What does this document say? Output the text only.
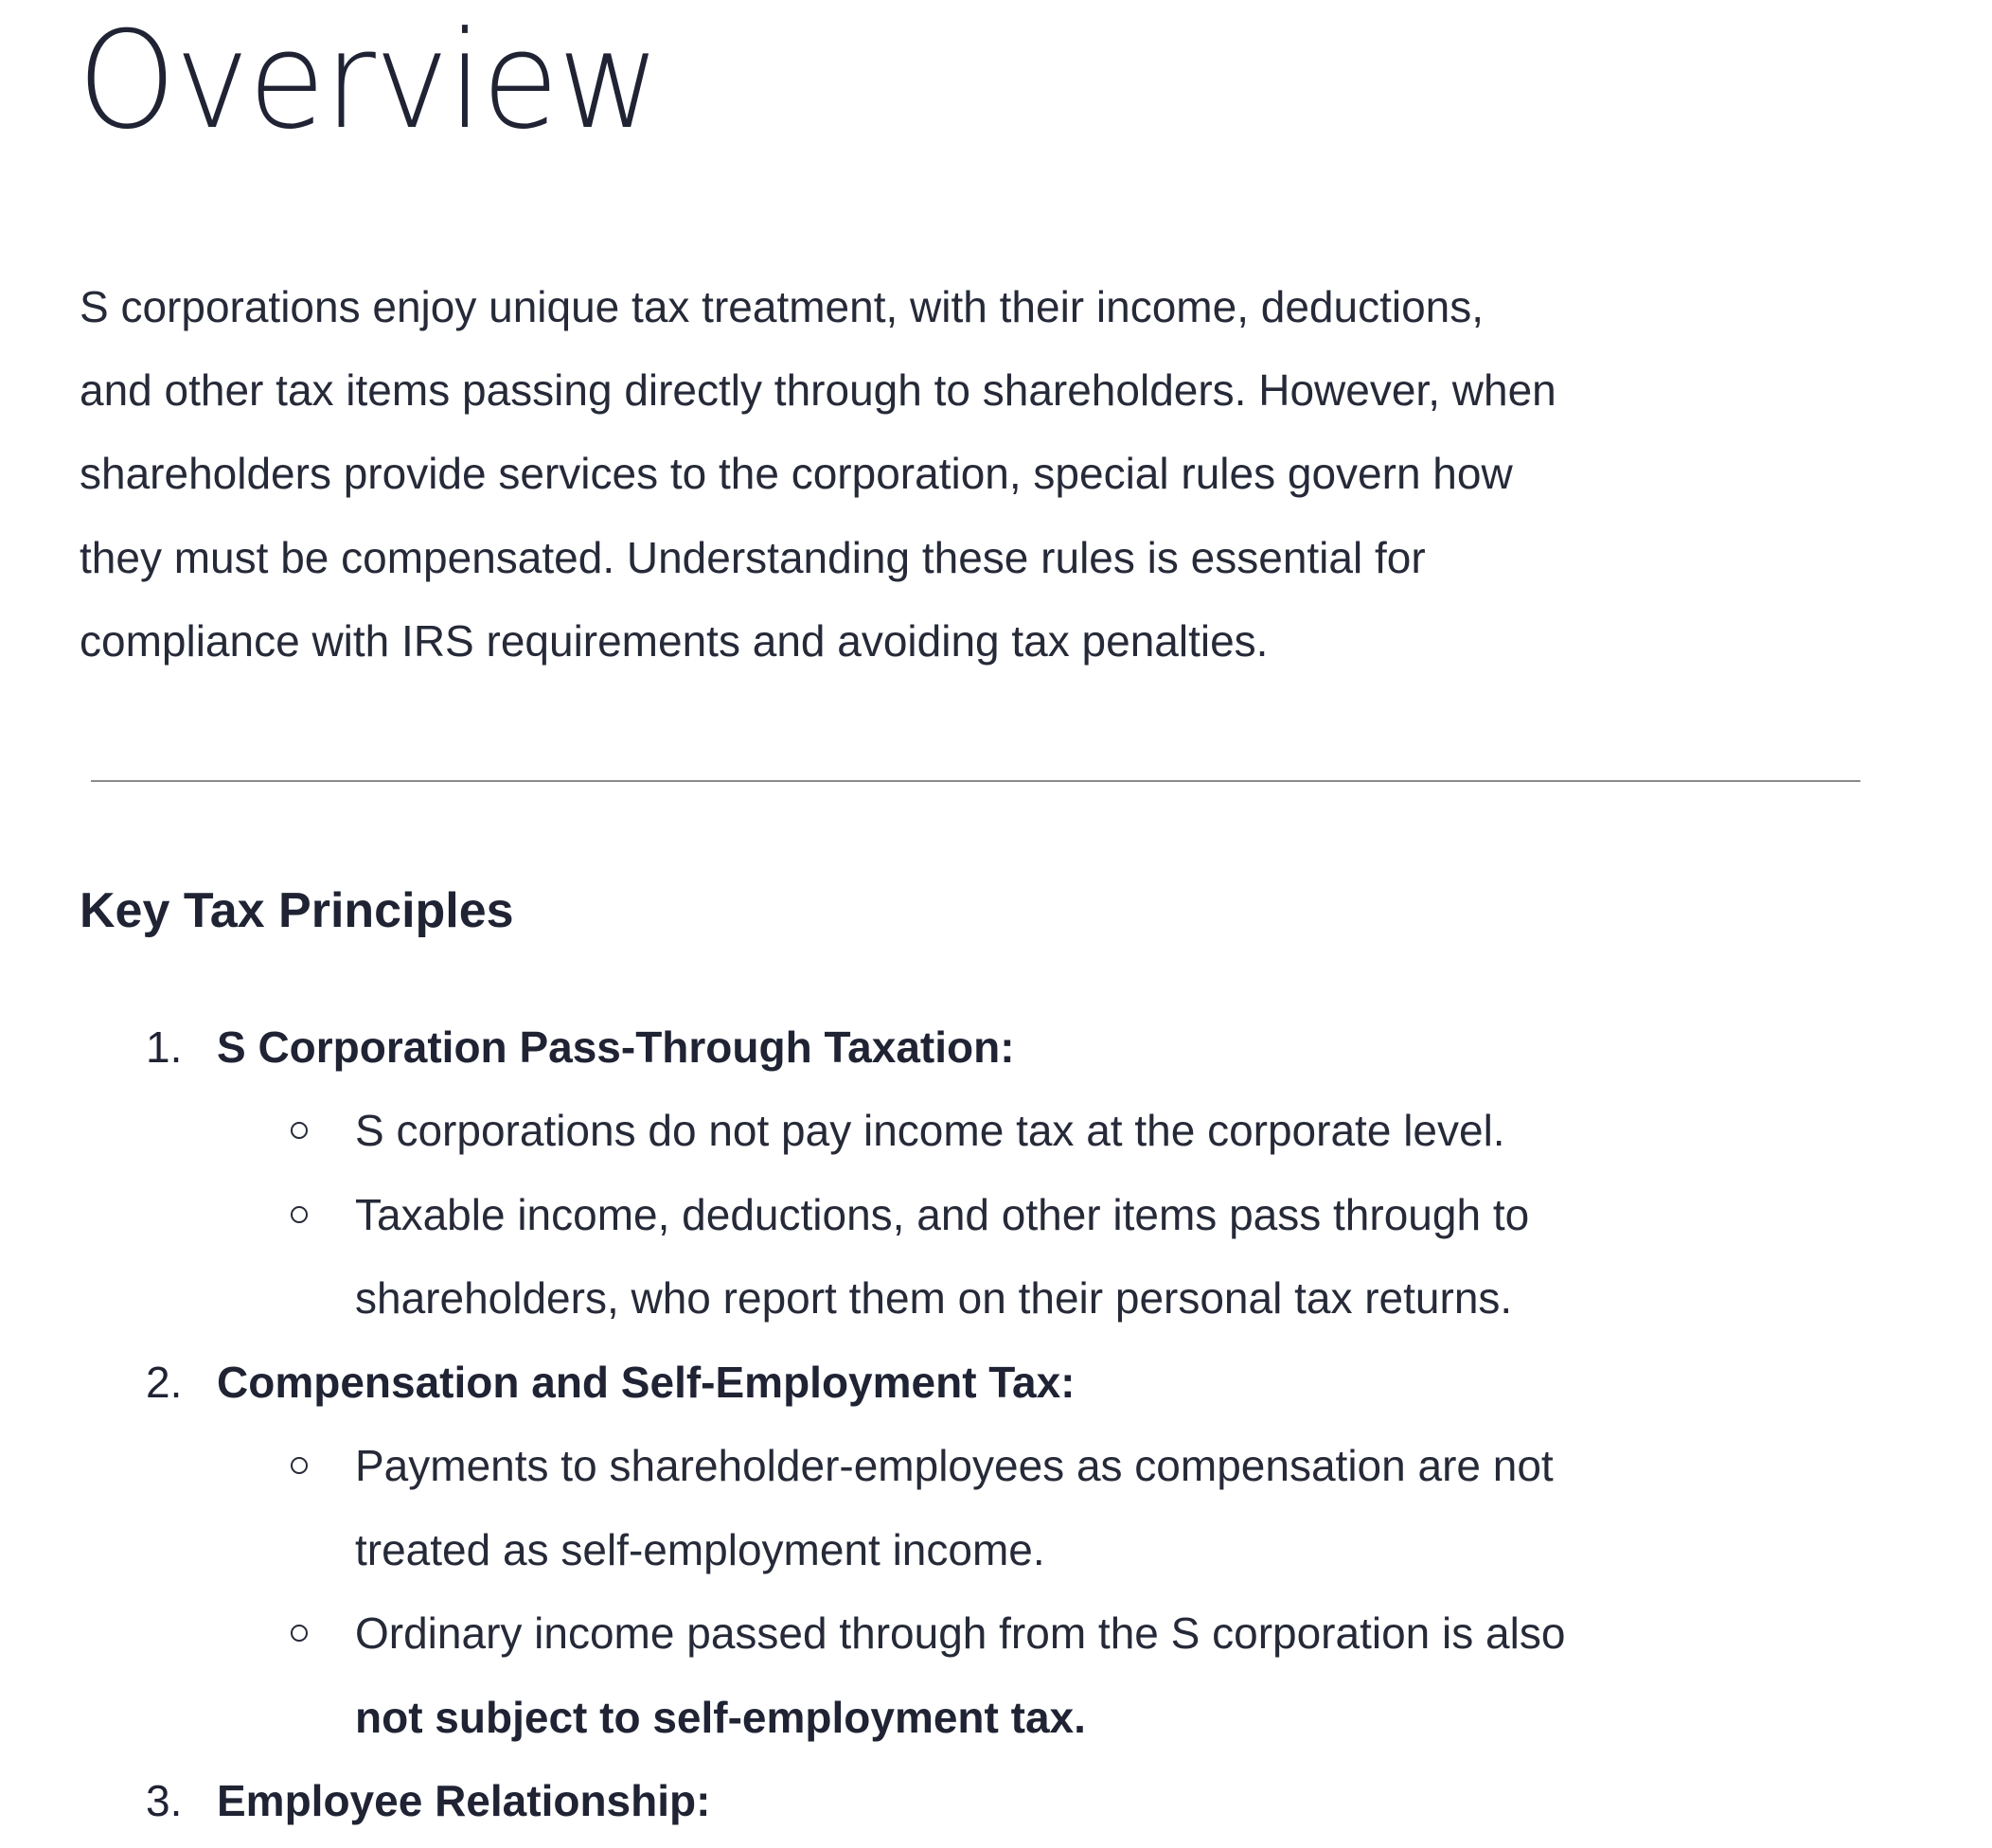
Overview
S corporations enjoy unique tax treatment, with their income, deductions,
and other tax items passing directly through to shareholders. However, when
shareholders provide services to the corporation, special rules govern how
they must be compensated. Understanding these rules is essential for
compliance with IRS requirements and avoiding tax penalties.
Key Tax Principles
1. S Corporation Pass-Through Taxation:
S corporations do not pay income tax at the corporate level.
Taxable income, deductions, and other items pass through to
shareholders, who report them on their personal tax returns.
2. Compensation and Self-Employment Tax:
Payments to shareholder-employees as compensation are not
treated as self-employment income.
Ordinary income passed through from the S corporation is also
not subject to self-employment tax.
3. Employee Relationship:
